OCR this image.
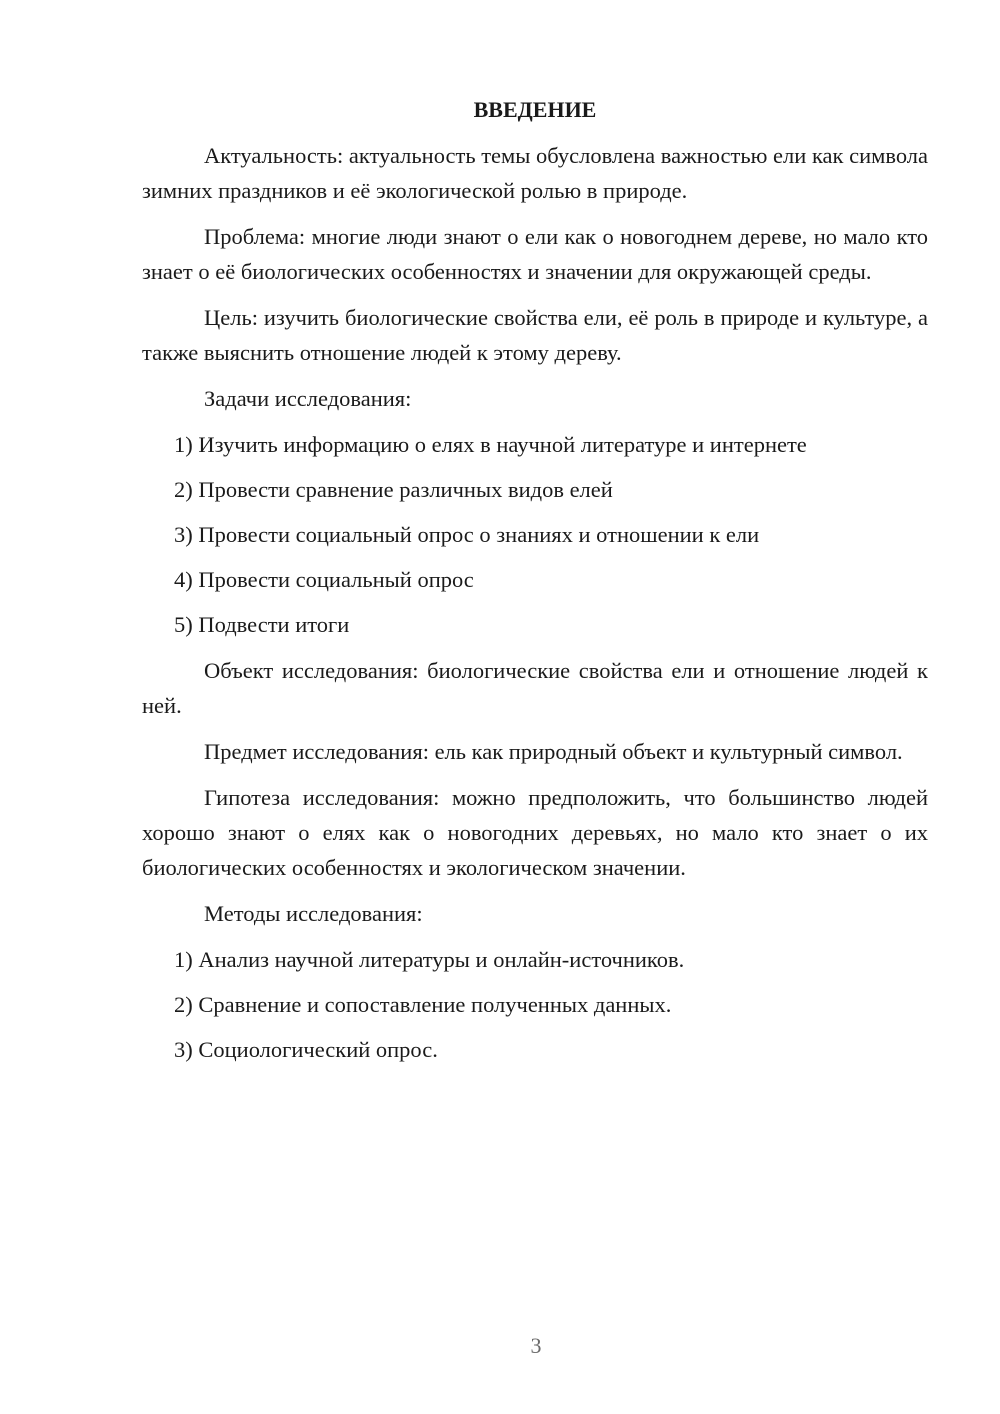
ВВЕДЕНИЕ

Актуальность: актуальность темы обусловлена важностью ели как символа зимних праздников и её экологической ролью в природе.

Проблема: многие люди знают о ели как о новогоднем дереве, но мало кто знает о её биологических особенностях и значении для окружающей среды.

Цель: изучить биологические свойства ели, её роль в природе и культуре, а также выяснить отношение людей к этому дереву.

Задачи исследования:

1) Изучить информацию о елях в научной литературе и интернете
2) Провести сравнение различных видов елей
3) Провести социальный опрос о знаниях и отношении к ели
4) Провести социальный опрос
5) Подвести итоги

Объект исследования: биологические свойства ели и отношение людей к ней.

Предмет исследования: ель как природный объект и культурный символ.

Гипотеза исследования: можно предположить, что большинство людей хорошо знают о елях как о новогодних деревьях, но мало кто знает о их биологических особенностях и экологическом значении.

Методы исследования:

1) Анализ научной литературы и онлайн-источников.
2) Сравнение и сопоставление полученных данных.
3) Социологический опрос.
3
